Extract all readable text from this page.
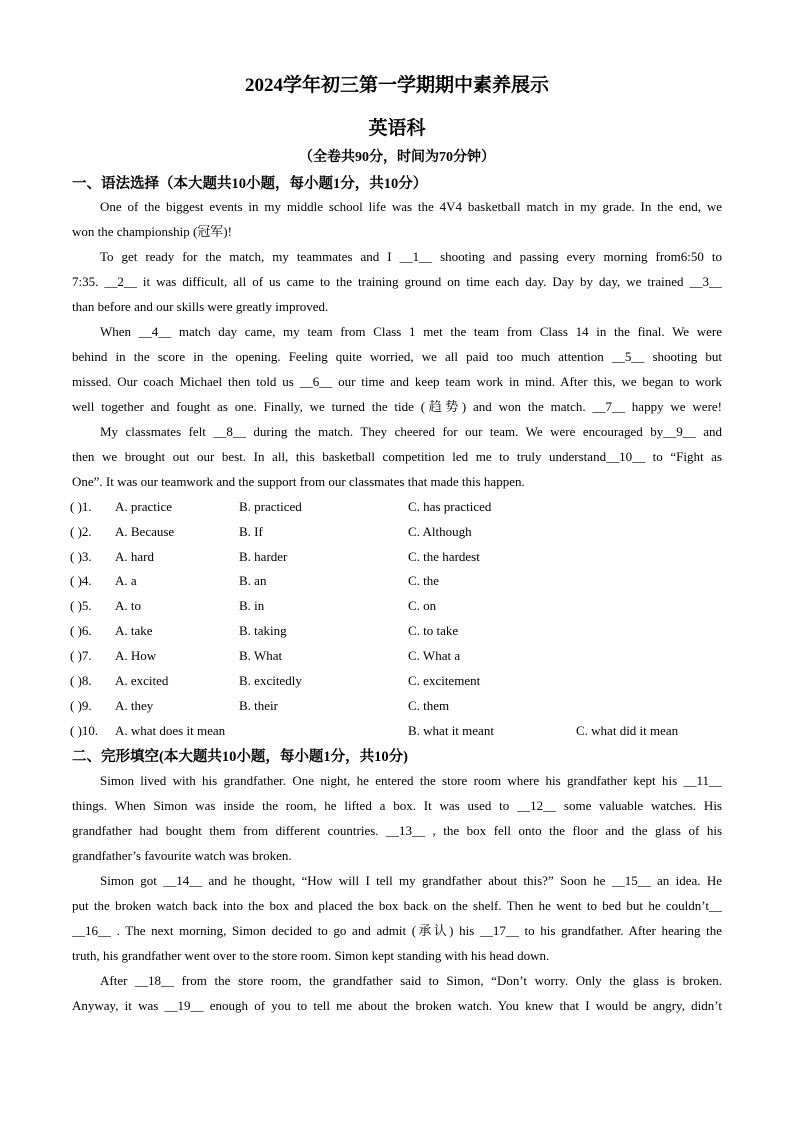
2024学年初三第一学期期中素养展示
英语科
（全卷共90分，时间为70分钟）
一、语法选择（本大题共10小题，每小题1分，共10分）
One of the biggest events in my middle school life was the 4V4 basketball match in my grade. In the end, we
won the championship (冠军)!
To get ready for the match, my teammates and I __1__ shooting and passing every morning from6:50 to
7:35. __2__ it was difficult, all of us came to the training ground on time each day. Day by day, we trained __3__
than before and our skills were greatly improved.
When __4__ match day came, my team from Class 1 met the team from Class 14 in the final. We were
behind in the score in the opening. Feeling quite worried, we all paid too much attention __5__ shooting but
missed. Our coach Michael then told us __6__ our time and keep team work in mind. After this, we began to work
well together and fought as one. Finally, we turned the tide (趋势) and won the match. __7__ happy we were!
My classmates felt __8__ during the match. They cheered for our team. We were encouraged by__9__ and
then we brought out our best. In all, this basketball competition led me to truly understand__10__ to “Fight as
One”. It was our teamwork and the support from our classmates that made this happen.
( )1. A. practice	B. practiced	C. has practiced
( )2. A. Because	B. If	C. Although
( )3. A. hard	B. harder	C. the hardest
( )4. A. a	B. an	C. the
( )5. A. to	B. in	C. on
( )6. A. take	B. taking	C. to take
( )7. A. How	B. What	C. What a
( )8. A. excited	B. excitedly	C. excitement
( )9. A. they	B. their	C. them
( )10. A. what does it mean	B. what it meant	C. what did it mean
二、完形填空(本大题共10小题，每小题1分，共10分)
Simon lived with his grandfather. One night, he entered the store room where his grandfather kept his __11__
things. When Simon was inside the room, he lifted a box. It was used to __12__ some valuable watches. His
grandfather had bought them from different countries. __13__ , the box fell onto the floor and the glass of his
grandfather’s favourite watch was broken.
Simon got __14__ and he thought, “How will I tell my grandfather about this?” Soon he __15__ an idea. He
put the broken watch back into the box and placed the box back on the shelf. Then he went to bed but he couldn’t__
__16__ . The next morning, Simon decided to go and admit (承认) his __17__ to his grandfather. After hearing the
truth, his grandfather went over to the store room. Simon kept standing with his head down.
After __18__ from the store room, the grandfather said to Simon, “Don’t worry. Only the glass is broken.
Anyway, it was __19__ enough of you to tell me about the broken watch. You knew that I would be angry, didn’t
